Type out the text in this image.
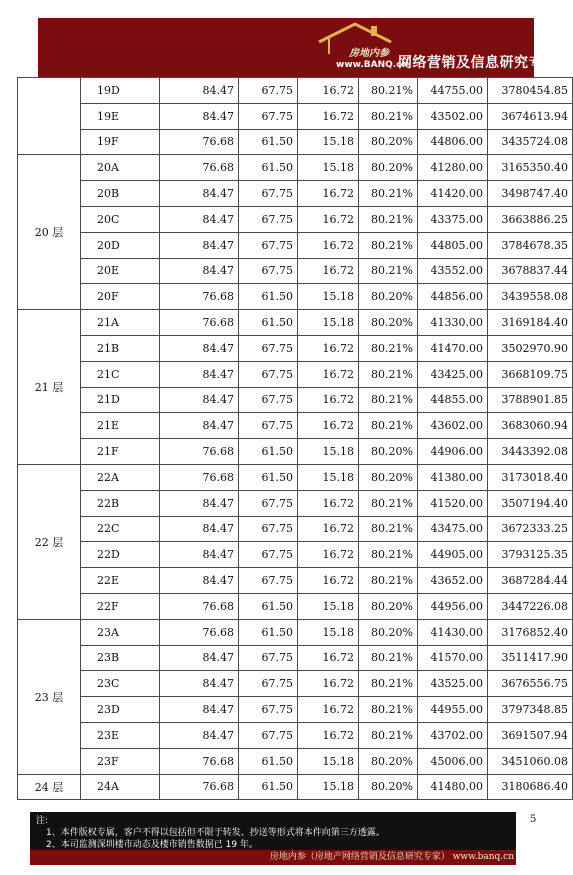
房地内参
www.BANQ.cn
网络营销及信息研究专家
	19D	84.47	67.75	16.72	80.21%	44755.00	3780454.85
	19E	84.47	67.75	16.72	80.21%	43502.00	3674613.94
	19F	76.68	61.50	15.18	80.20%	44806.00	3435724.08
20 层	20A	76.68	61.50	15.18	80.20%	41280.00	3165350.40
	20B	84.47	67.75	16.72	80.21%	41420.00	3498747.40
	20C	84.47	67.75	16.72	80.21%	43375.00	3663886.25
	20D	84.47	67.75	16.72	80.21%	44805.00	3784678.35
	20E	84.47	67.75	16.72	80.21%	43552.00	3678837.44
	20F	76.68	61.50	15.18	80.20%	44856.00	3439558.08
21 层	21A	76.68	61.50	15.18	80.20%	41330.00	3169184.40
	21B	84.47	67.75	16.72	80.21%	41470.00	3502970.90
	21C	84.47	67.75	16.72	80.21%	43425.00	3668109.75
	21D	84.47	67.75	16.72	80.21%	44855.00	3788901.85
	21E	84.47	67.75	16.72	80.21%	43602.00	3683060.94
	21F	76.68	61.50	15.18	80.20%	44906.00	3443392.08
22 层	22A	76.68	61.50	15.18	80.20%	41380.00	3173018.40
	22B	84.47	67.75	16.72	80.21%	41520.00	3507194.40
	22C	84.47	67.75	16.72	80.21%	43475.00	3672333.25
	22D	84.47	67.75	16.72	80.21%	44905.00	3793125.35
	22E	84.47	67.75	16.72	80.21%	43652.00	3687284.44
	22F	76.68	61.50	15.18	80.20%	44956.00	3447226.08
23 层	23A	76.68	61.50	15.18	80.20%	41430.00	3176852.40
	23B	84.47	67.75	16.72	80.21%	41570.00	3511417.90
	23C	84.47	67.75	16.72	80.21%	43525.00	3676556.75
	23D	84.47	67.75	16.72	80.21%	44955.00	3797348.85
	23E	84.47	67.75	16.72	80.21%	43702.00	3691507.94
	23F	76.68	61.50	15.18	80.20%	45006.00	3451060.08
24 层	24A	76.68	61.50	15.18	80.20%	41480.00	3180686.40
5
注:
1、本件版权专属，客户不得以包括但不限于转发、抄送等形式将本件向第三方透露。
2、本司监测深圳楼市动态及楼市销售数据已 19 年。
房地内参（房地产网络营销及信息研究专家） www.banq.cn
